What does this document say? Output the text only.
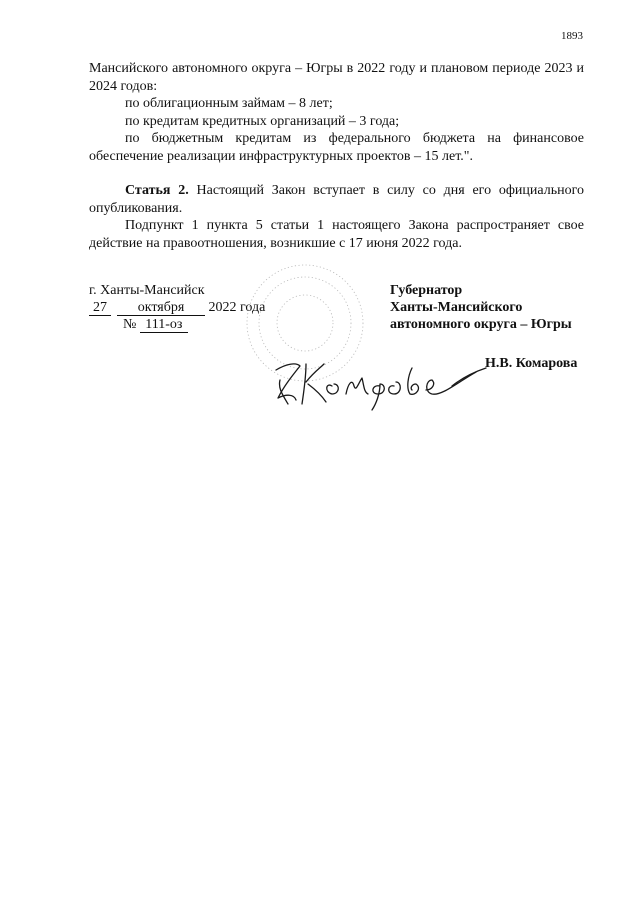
1893

Мансийского автономного округа – Югры в 2022 году и плановом периоде 2023 и 2024 годов:

по облигационным займам – 8 лет;

по кредитам кредитных организаций – 3 года;

по бюджетным кредитам из федерального бюджета на финансовое обеспечение реализации инфраструктурных проектов – 15 лет.".

Статья 2. Настоящий Закон вступает в силу со дня его официального опубликования.

Подпункт 1 пункта 5 статьи 1 настоящего Закона распространяет свое действие на правоотношения, возникшие с 17 июня 2022 года.

г. Ханты-Мансийск
27 октября 2022 года
№ 111-оз
Губернатор
Ханты-Мансийского
автономного округа – Югры
Н.В. Комарова
